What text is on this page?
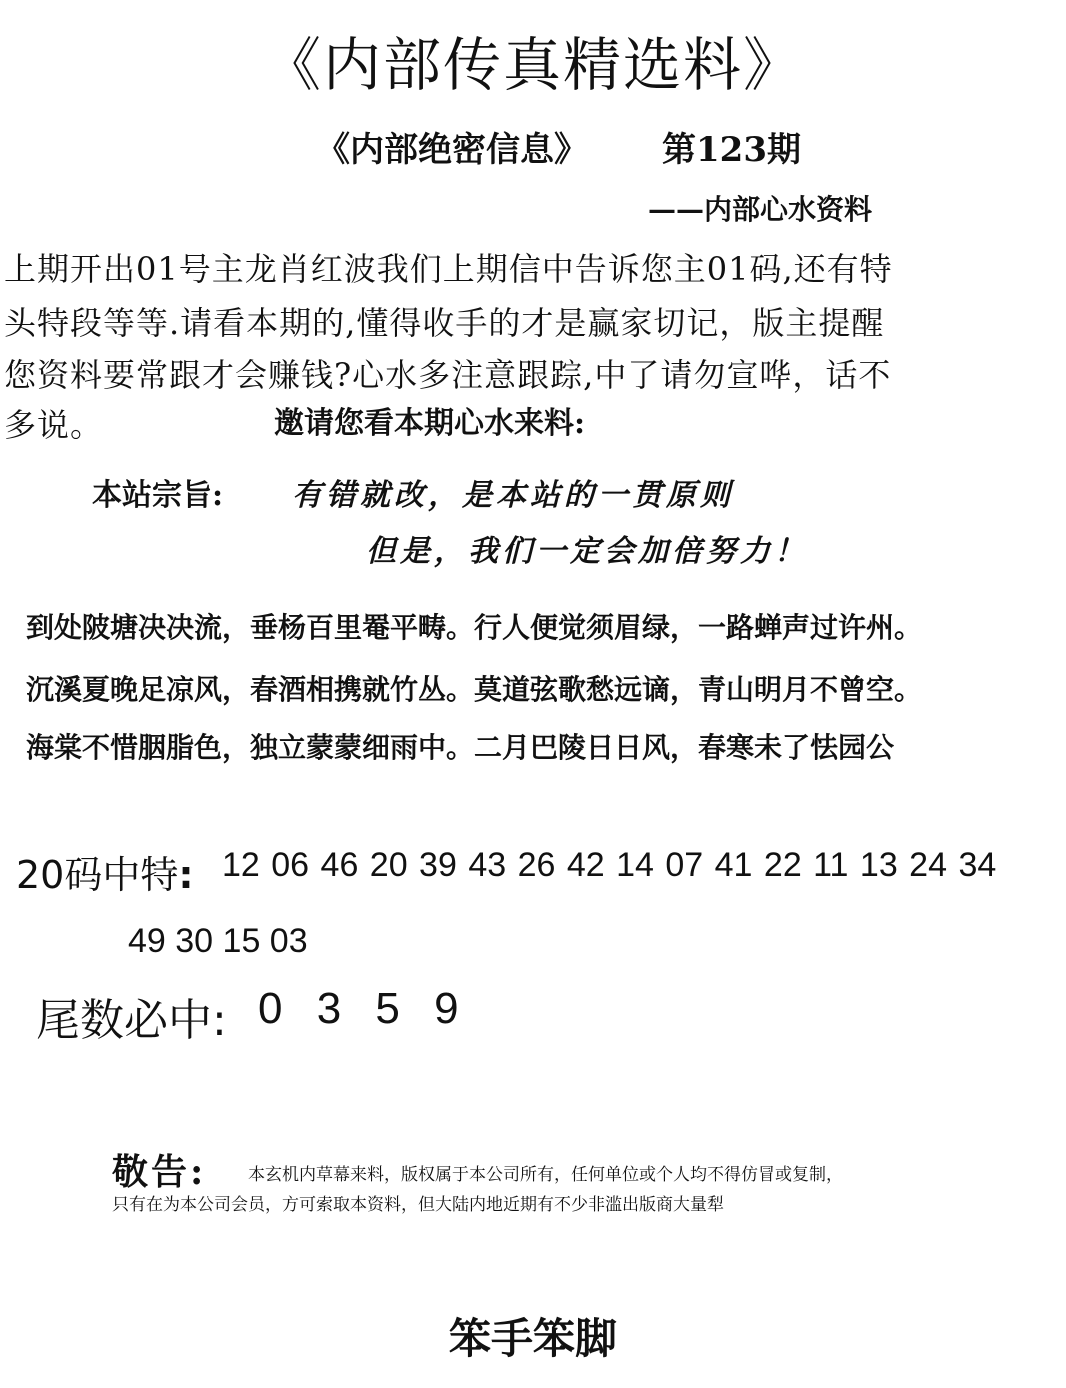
《内部传真精选料》
《内部绝密信息》 第123期
——内部心水资料
上期开出01号主龙肖红波我们上期信中告诉您主01码,还有特
头特段等等.请看本期的,懂得收手的才是赢家切记，版主提醒
您资料要常跟才会赚钱?心水多注意跟踪,中了请勿宣哗，话不
多说。	邀请您看本期心水来料:
本站宗旨: 有错就改，是本站的一贯原则
但是，我们一定会加倍努力！
到处陂塘决决流，垂杨百里罨平畴。行人便觉须眉绿，一路蝉声过许州。
沉溪夏晚足凉风，春酒相携就竹丛。莫道弦歌愁远谪，青山明月不曾空。
海棠不惜胭脂色，独立蒙蒙细雨中。二月巴陵日日风，春寒未了怯园公
20码中特: 12 06 46 20 39 43 26 42 14 07 41 22 11 13 24 34
49 30 15 03
尾数必中: 0 3 5 9
敬告: 本玄机内草幕来料，版权属于本公司所有，任何单位或个人均不得仿冒或复制，
只有在为本公司会员，方可索取本资料，但大陆内地近期有不少非滥出版商大量犁
笨手笨脚
